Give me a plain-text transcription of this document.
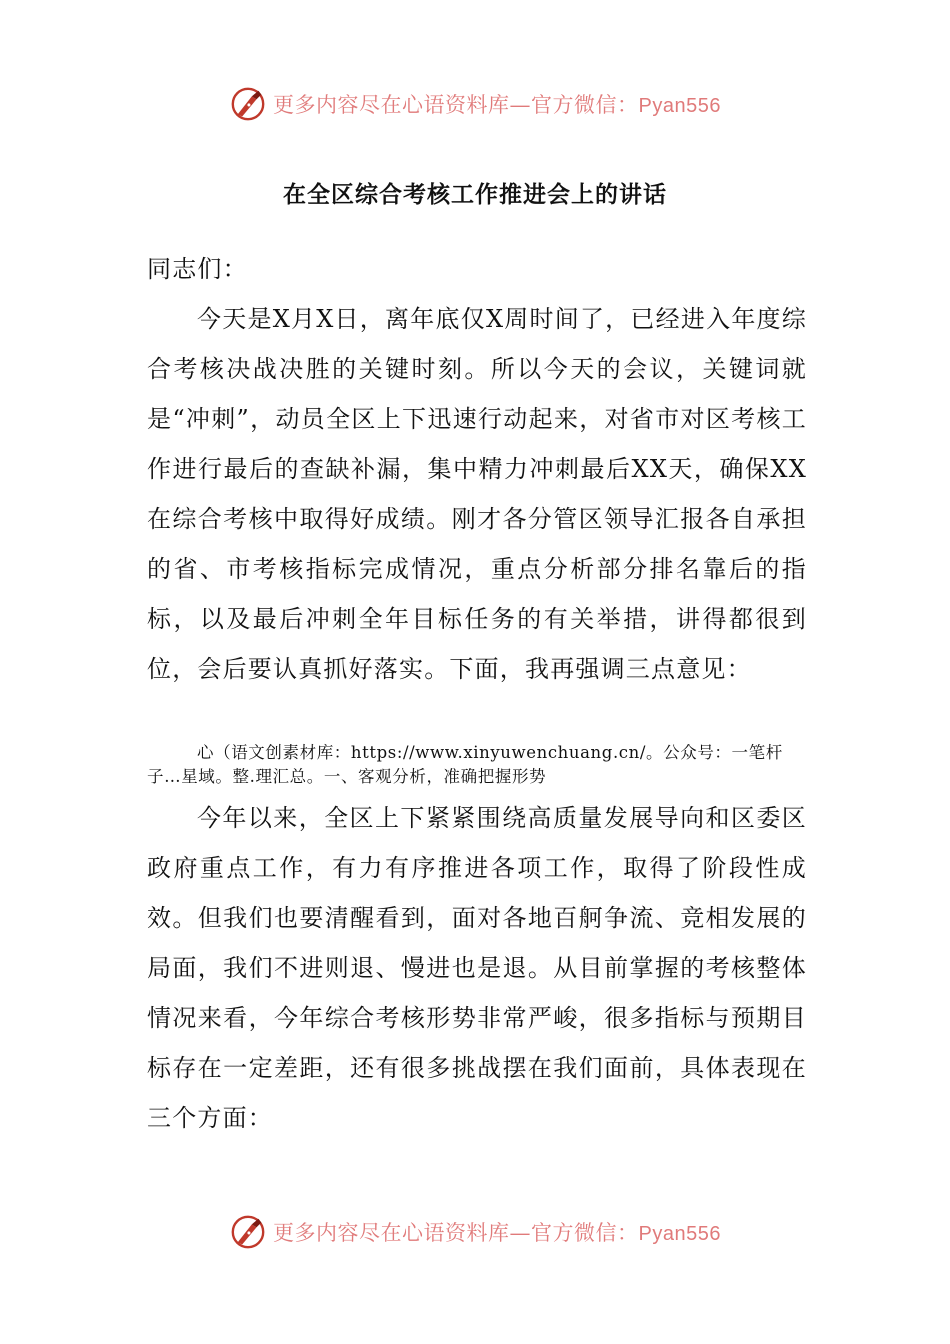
更多内容尽在心语资料库—官方微信：Pyan556
在全区综合考核工作推进会上的讲话

同志们：

今天是X月X日，离年底仅X周时间了，已经进入年度综合考核决战决胜的关键时刻。所以今天的会议，关键词就是“冲刺”，动员全区上下迅速行动起来，对省市对区考核工作进行最后的查缺补漏，集中精力冲刺最后XX天，确保XX在综合考核中取得好成绩。刚才各分管区领导汇报各自承担的省、市考核指标完成情况，重点分析部分排名靠后的指标，以及最后冲刺全年目标任务的有关举措，讲得都很到位，会后要认真抓好落实。下面，我再强调三点意见：

心（语文创素材库：https://www.xinyuwenchuang.cn/。公众号：一笔杆子…星域。整.理汇总。一、客观分析，准确把握形势

今年以来，全区上下紧紧围绕高质量发展导向和区委区政府重点工作，有力有序推进各项工作，取得了阶段性成效。但我们也要清醒看到，面对各地百舸争流、竞相发展的局面，我们不进则退、慢进也是退。从目前掌握的考核整体情况来看，今年综合考核形势非常严峻，很多指标与预期目标存在一定差距，还有很多挑战摆在我们面前，具体表现在三个方面：

更多内容尽在心语资料库—官方微信：Pyan556
